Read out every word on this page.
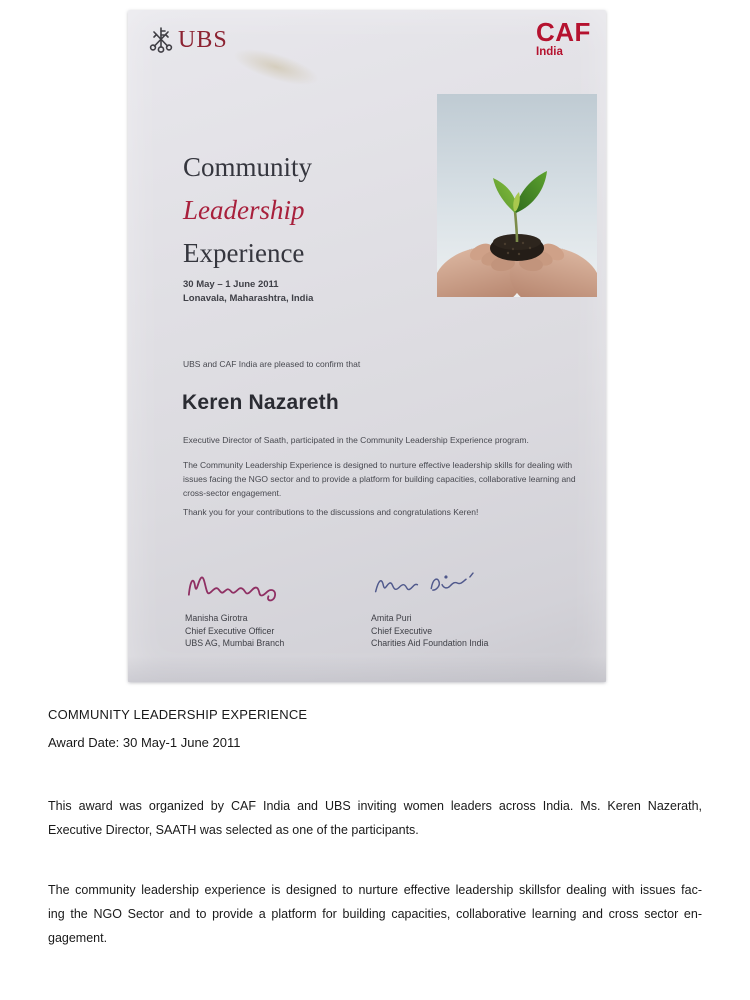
UBS	CAF
India
Community
Leadership
Experience
30 May – 1 June 2011
Lonavala, Maharashtra, India
UBS and CAF India are pleased to confirm that
Keren Nazareth
Executive Director of Saath, participated in the Community Leadership Experience program.
The Community Leadership Experience is designed to nurture effective leadership skills for dealing with issues facing the NGO sector and to provide a platform for building capacities, collaborative learning and cross-sector engagement.
Thank you for your contributions to the discussions and congratulations Keren!
Manisha Girotra
Chief Executive Officer
UBS AG, Mumbai Branch
Amita Puri
Chief Executive
Charities Aid Foundation India
COMMUNITY LEADERSHIP EXPERIENCE
Award Date: 30 May-1 June 2011
This award was organized by CAF India and UBS inviting women leaders across India. Ms. Keren Nazerath,
Executive Director, SAATH was selected as one of the participants.
The community leadership experience is designed to nurture effective leadership skillsfor dealing with issues fac-
ing the NGO Sector and to provide a platform for building capacities, collaborative learning and cross sector en-
gagement.
